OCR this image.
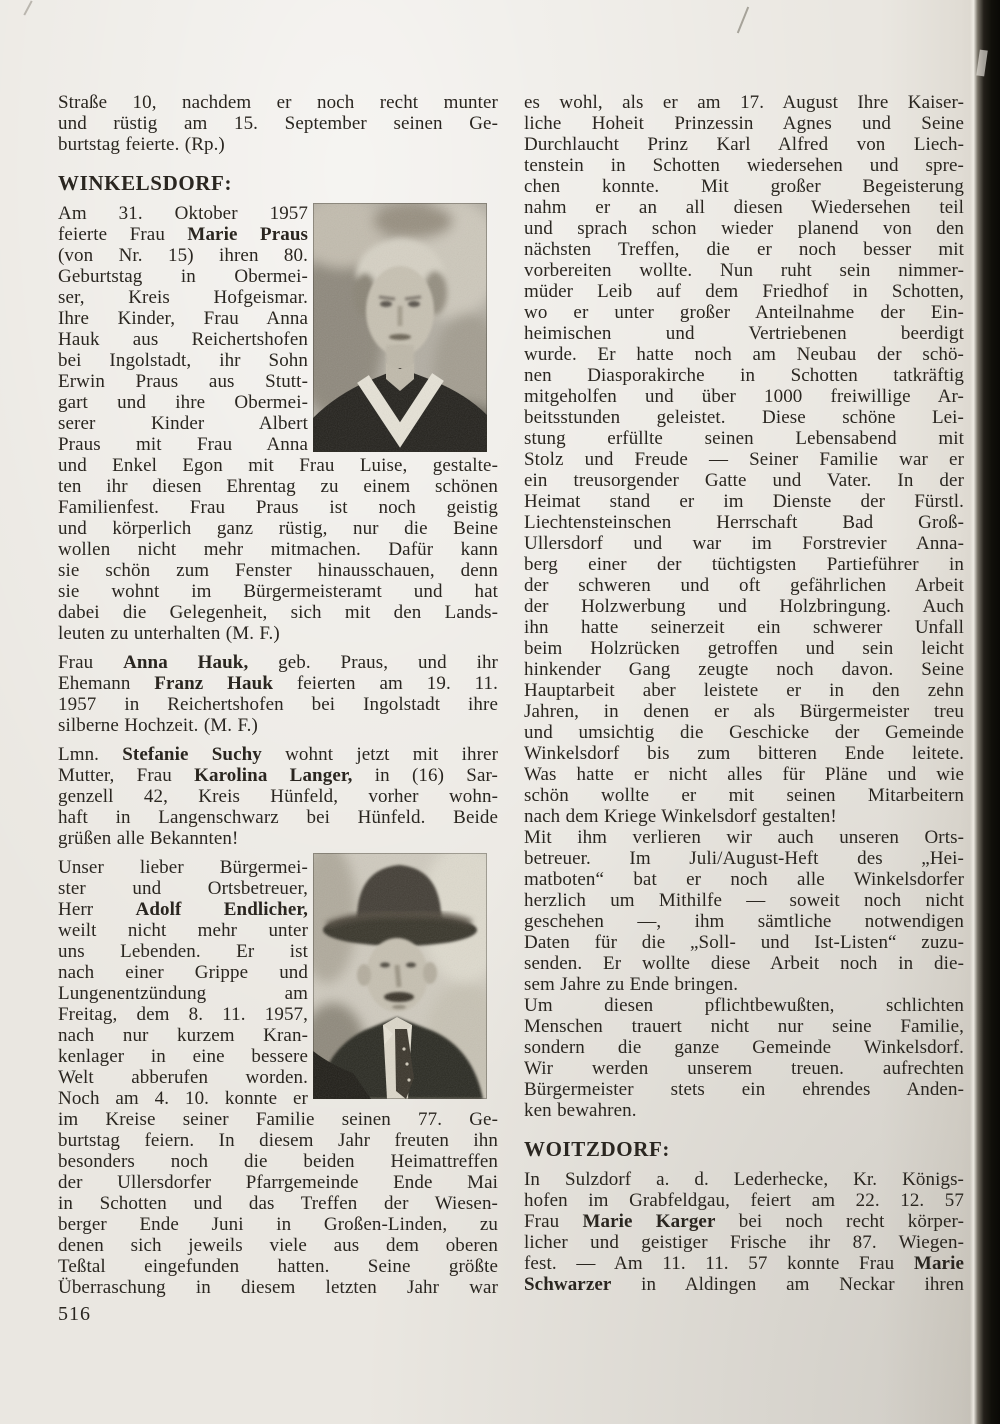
Straße 10, nachdem er noch recht munter
und rüstig am 15. September seinen Ge-
burtstag feierte. (Rp.)
WINKELSDORF:
Am 31. Oktober 1957
feierte Frau Marie Praus
(von Nr. 15) ihren 80.
Geburtstag in Obermei-
ser, Kreis Hofgeismar.
Ihre Kinder, Frau Anna
Hauk aus Reichertshofen
bei Ingolstadt, ihr Sohn
Erwin Praus aus Stutt-
gart und ihre Obermei-
serer Kinder Albert
Praus mit Frau Anna
und Enkel Egon mit Frau Luise, gestalte-
ten ihr diesen Ehrentag zu einem schönen
Familienfest. Frau Praus ist noch geistig
und körperlich ganz rüstig, nur die Beine
wollen nicht mehr mitmachen. Dafür kann
sie schön zum Fenster hinausschauen, denn
sie wohnt im Bürgermeisteramt und hat
dabei die Gelegenheit, sich mit den Lands-
leuten zu unterhalten (M. F.)
Frau Anna Hauk, geb. Praus, und ihr
Ehemann Franz Hauk feierten am 19. 11.
1957 in Reichertshofen bei Ingolstadt ihre
silberne Hochzeit. (M. F.)
Lmn. Stefanie Suchy wohnt jetzt mit ihrer
Mutter, Frau Karolina Langer, in (16) Sar-
genzell 42, Kreis Hünfeld, vorher wohn-
haft in Langenschwarz bei Hünfeld. Beide
grüßen alle Bekannten!
Unser lieber Bürgermei-
ster und Ortsbetreuer,
Herr Adolf Endlicher,
weilt nicht mehr unter
uns Lebenden. Er ist
nach einer Grippe und
Lungenentzündung am
Freitag, dem 8. 11. 1957,
nach nur kurzem Kran-
kenlager in eine bessere
Welt abberufen worden.
Noch am 4. 10. konnte er
im Kreise seiner Familie seinen 77. Ge-
burtstag feiern. In diesem Jahr freuten ihn
besonders noch die beiden Heimattreffen
der Ullersdorfer Pfarrgemeinde Ende Mai
in Schotten und das Treffen der Wiesen-
berger Ende Juni in Großen-Linden, zu
denen sich jeweils viele aus dem oberen
Teßtal eingefunden hatten. Seine größte
Überraschung in diesem letzten Jahr war
es wohl, als er am 17. August Ihre Kaiser-
liche Hoheit Prinzessin Agnes und Seine
Durchlaucht Prinz Karl Alfred von Liech-
tenstein in Schotten wiedersehen und spre-
chen konnte. Mit großer Begeisterung
nahm er an all diesen Wiedersehen teil
und sprach schon wieder planend von den
nächsten Treffen, die er noch besser mit
vorbereiten wollte. Nun ruht sein nimmer-
müder Leib auf dem Friedhof in Schotten,
wo er unter großer Anteilnahme der Ein-
heimischen und Vertriebenen beerdigt
wurde. Er hatte noch am Neubau der schö-
nen Diasporakirche in Schotten tatkräftig
mitgeholfen und über 1000 freiwillige Ar-
beitsstunden geleistet. Diese schöne Lei-
stung erfüllte seinen Lebensabend mit
Stolz und Freude — Seiner Familie war er
ein treusorgender Gatte und Vater. In der
Heimat stand er im Dienste der Fürstl.
Liechtensteinschen Herrschaft Bad Groß-
Ullersdorf und war im Forstrevier Anna-
berg einer der tüchtigsten Partieführer in
der schweren und oft gefährlichen Arbeit
der Holzwerbung und Holzbringung. Auch
ihn hatte seinerzeit ein schwerer Unfall
beim Holzrücken getroffen und sein leicht
hinkender Gang zeugte noch davon. Seine
Hauptarbeit aber leistete er in den zehn
Jahren, in denen er als Bürgermeister treu
und umsichtig die Geschicke der Gemeinde
Winkelsdorf bis zum bitteren Ende leitete.
Was hatte er nicht alles für Pläne und wie
schön wollte er mit seinen Mitarbeitern
nach dem Kriege Winkelsdorf gestalten!
Mit ihm verlieren wir auch unseren Orts-
betreuer. Im Juli/August-Heft des „Hei-
matboten“ bat er noch alle Winkelsdorfer
herzlich um Mithilfe — soweit noch nicht
geschehen —, ihm sämtliche notwendigen
Daten für die „Soll- und Ist-Listen“ zuzu-
senden. Er wollte diese Arbeit noch in die-
sem Jahre zu Ende bringen.
Um diesen pflichtbewußten, schlichten
Menschen trauert nicht nur seine Familie,
sondern die ganze Gemeinde Winkelsdorf.
Wir werden unserem treuen. aufrechten
Bürgermeister stets ein ehrendes Anden-
ken bewahren.
WOITZDORF:
In Sulzdorf a. d. Lederhecke, Kr. Königs-
hofen im Grabfeldgau, feiert am 22. 12. 57
Frau Marie Karger bei noch recht körper-
licher und geistiger Frische ihr 87. Wiegen-
fest. — Am 11. 11. 57 konnte Frau Marie
Schwarzer in Aldingen am Neckar ihren
516
